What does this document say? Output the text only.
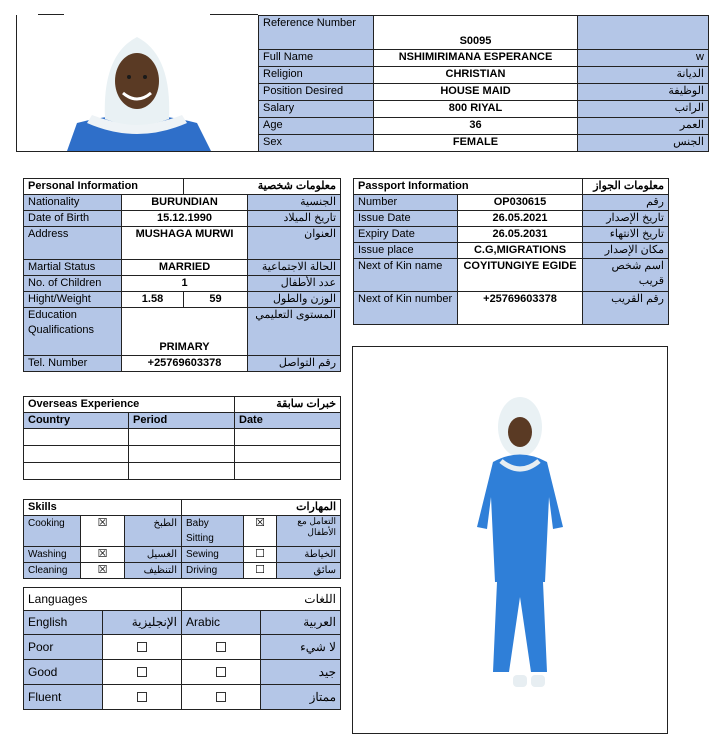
Reference Number	S0095	
Full Name	NSHIMIRIMANA ESPERANCE	w
Religion	CHRISTIAN	الديانة
Position Desired	HOUSE MAID	الوظيفة
Salary	800 RIYAL	الراتب
Age	36	العمر
Sex	FEMALE	الجنس
Personal Information		معلومات شخصية	
Nationality	BURUNDIAN		الجنسية
Date of Birth	15.12.1990		تاريخ الميلاد
Address	MUSHAGA MURWI		العنوان
Martial Status	MARRIED		الحالة الاجتماعية
No. of Children	1		عدد الأطفال
Hight/Weight	1.58	59	الوزن والطول
Education Qualifications	PRIMARY		المستوى التعليمي
Tel. Number	+25769603378		رقم التواصل
Passport Information		معلومات الجواز
Number	OP030615	رقم
Issue Date	26.05.2021	تاريخ الإصدار
Expiry Date	26.05.2031	تاريخ الانتهاء
Issue place	C.G,MIGRATIONS	مكان الإصدار
Next of Kin name	COYITUNGIYE EGIDE	اسم شخص قريب
Next of Kin number	+25769603378	رقم القريب
Overseas Experience		خبرات سابقة
Country	Period	Date

Skills			المهارات		
Cooking	☒	الطبخ	Baby Sitting	☒	التعامل مع الأطفال
Washing	☒	الغسيل	Sewing	☐	الخياطة
Cleaning	☒	التنظيف	Driving	☐	سائق
Languages		اللغات	
English	الإنجليزية	Arabic	العربية
Poor			لا شيء
Good			جيد
Fluent			ممتاز
